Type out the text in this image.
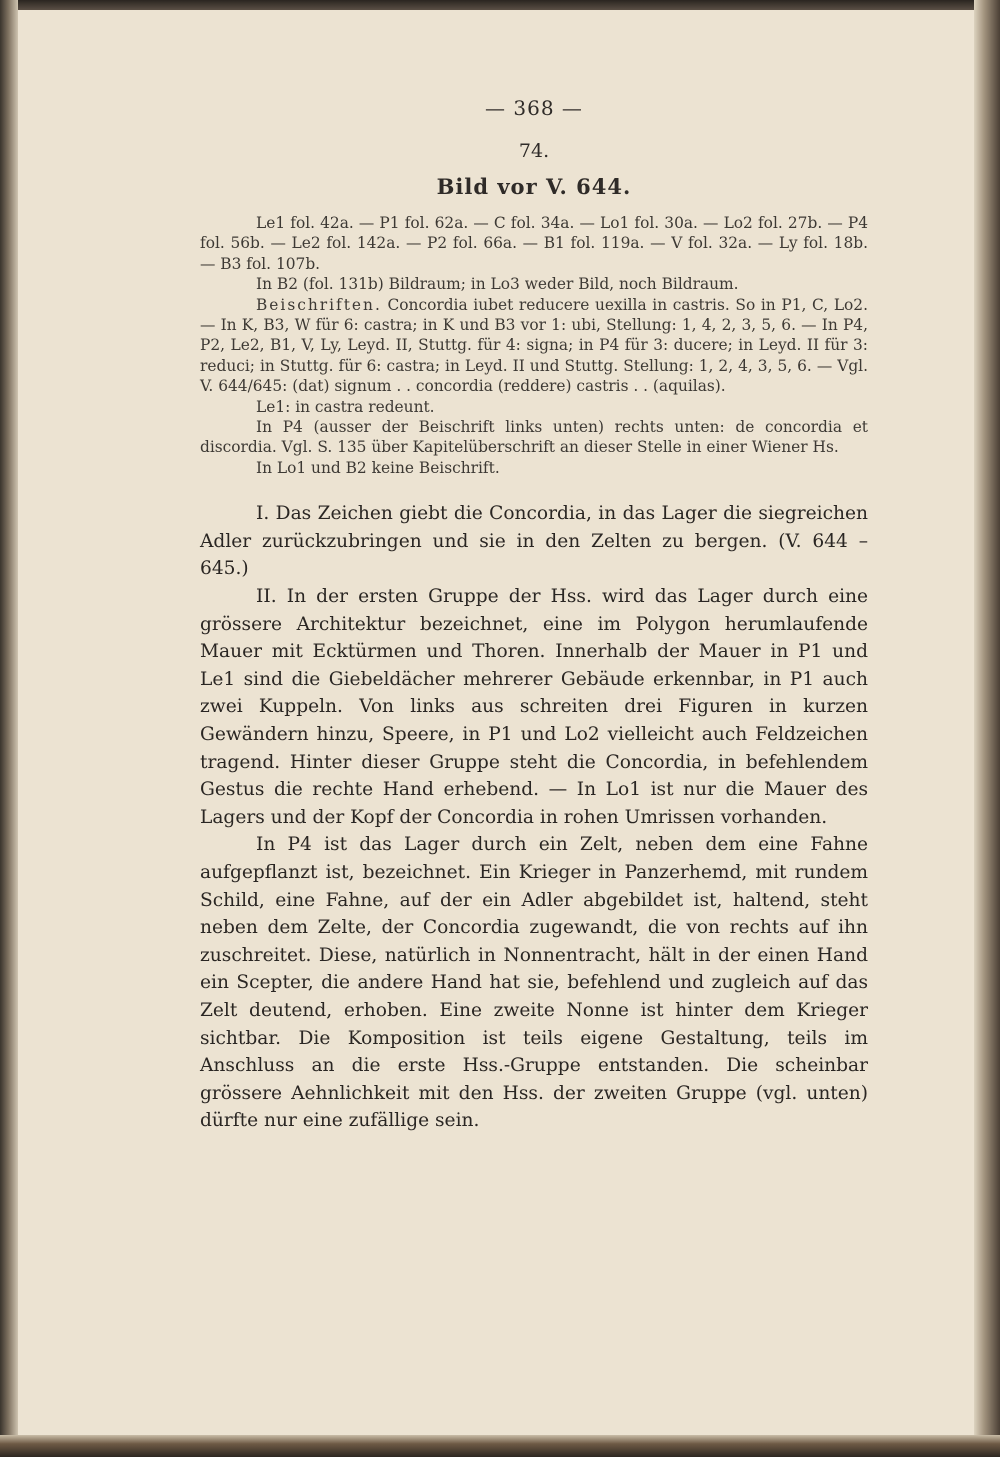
— 368 —
74.
Bild vor V. 644.

Le1 fol. 42a. — P1 fol. 62a. — C fol. 34a. — Lo1 fol. 30a. — Lo2 fol. 27b. — P4 fol. 56b. — Le2 fol. 142a. — P2 fol. 66a. — B1 fol. 119a. — V fol. 32a. — Ly fol. 18b. — B3 fol. 107b.

In B2 (fol. 131b) Bildraum; in Lo3 weder Bild, noch Bildraum.

Beischriften. Concordia iubet reducere uexilla in castris. So in P1, C, Lo2. — In K, B3, W für 6: castra; in K und B3 vor 1: ubi, Stellung: 1, 4, 2, 3, 5, 6. — In P4, P2, Le2, B1, V, Ly, Leyd. II, Stuttg. für 4: signa; in P4 für 3: ducere; in Leyd. II für 3: reduci; in Stuttg. für 6: castra; in Leyd. II und Stuttg. Stellung: 1, 2, 4, 3, 5, 6. — Vgl. V. 644/645: (dat) signum . . concordia (reddere) castris . . (aquilas).

Le1: in castra redeunt.

In P4 (ausser der Beischrift links unten) rechts unten: de concordia et discordia. Vgl. S. 135 über Kapitelüberschrift an dieser Stelle in einer Wiener Hs.

In Lo1 und B2 keine Beischrift.

I. Das Zeichen giebt die Concordia, in das Lager die siegreichen Adler zurückzubringen und sie in den Zelten zu bergen. (V. 644 – 645.)

II. In der ersten Gruppe der Hss. wird das Lager durch eine grössere Architektur bezeichnet, eine im Polygon herumlaufende Mauer mit Ecktürmen und Thoren. Innerhalb der Mauer in P1 und Le1 sind die Giebeldächer mehrerer Gebäude erkennbar, in P1 auch zwei Kuppeln. Von links aus schreiten drei Figuren in kurzen Gewändern hinzu, Speere, in P1 und Lo2 vielleicht auch Feldzeichen tragend. Hinter dieser Gruppe steht die Concordia, in befehlendem Gestus die rechte Hand erhebend. — In Lo1 ist nur die Mauer des Lagers und der Kopf der Concordia in rohen Umrissen vorhanden.

In P4 ist das Lager durch ein Zelt, neben dem eine Fahne aufgepflanzt ist, bezeichnet. Ein Krieger in Panzerhemd, mit rundem Schild, eine Fahne, auf der ein Adler abgebildet ist, haltend, steht neben dem Zelte, der Concordia zugewandt, die von rechts auf ihn zuschreitet. Diese, natürlich in Nonnentracht, hält in der einen Hand ein Scepter, die andere Hand hat sie, befehlend und zugleich auf das Zelt deutend, erhoben. Eine zweite Nonne ist hinter dem Krieger sichtbar. Die Komposition ist teils eigene Gestaltung, teils im Anschluss an die erste Hss.-Gruppe entstanden. Die scheinbar grössere Aehnlichkeit mit den Hss. der zweiten Gruppe (vgl. unten) dürfte nur eine zufällige sein.
